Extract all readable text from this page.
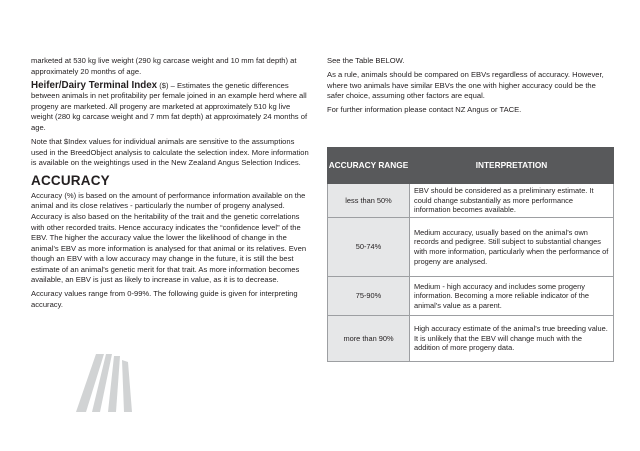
marketed at 530 kg live weight (290 kg carcase weight and 10 mm fat depth) at approximately 20 months of age.

Heifer/Dairy Terminal Index ($) – Estimates the genetic differences between animals in net profitability per female joined in an example herd where all progeny are marketed. All progeny are marketed at approximately 510 kg live weight (280 kg carcase weight and 7 mm fat depth) at approximately 24 months of age.

Note that $Index values for individual animals are sensitive to the assumptions used in the BreedObject analysis to calculate the selection index. More information is available on the weightings used in the New Zealand Angus Selection Indices.

ACCURACY

Accuracy (%) is based on the amount of performance information available on the animal and its close relatives - particularly the number of progeny analysed. Accuracy is also based on the heritability of the trait and the genetic correlations with other recorded traits. Hence accuracy indicates the “confidence level” of the EBV. The higher the accuracy value the lower the likelihood of change in the animal’s EBV as more information is analysed for that animal or its relatives. Even though an EBV with a low accuracy may change in the future, it is still the best estimate of an animal’s genetic merit for that trait. As more information becomes available, an EBV is just as likely to increase in value, as it is to decrease.

Accuracy values range from 0-99%. The following guide is given for interpreting accuracy.

See the Table BELOW.

As a rule, animals should be compared on EBVs regardless of accuracy. However, where two animals have similar EBVs the one with higher accuracy could be the safer choice, assuming other factors are equal.

For further information please contact NZ Angus or TACE.

ACCURACY RANGE	INTERPRETATION
less than 50%	EBV should be considered as a preliminary estimate. It could change substantially as more performance information becomes available.
50-74%	Medium accuracy, usually based on the animal’s own records and pedigree. Still subject to substantial changes with more information, particularly when the performance of progeny are analysed.
75-90%	Medium - high accuracy and includes some progeny information. Becoming a more reliable indicator of the animal’s value as a parent.
more than 90%	High accuracy estimate of the animal’s true breeding value. It is unlikely that the EBV will change much with the addition of more progeny data.
